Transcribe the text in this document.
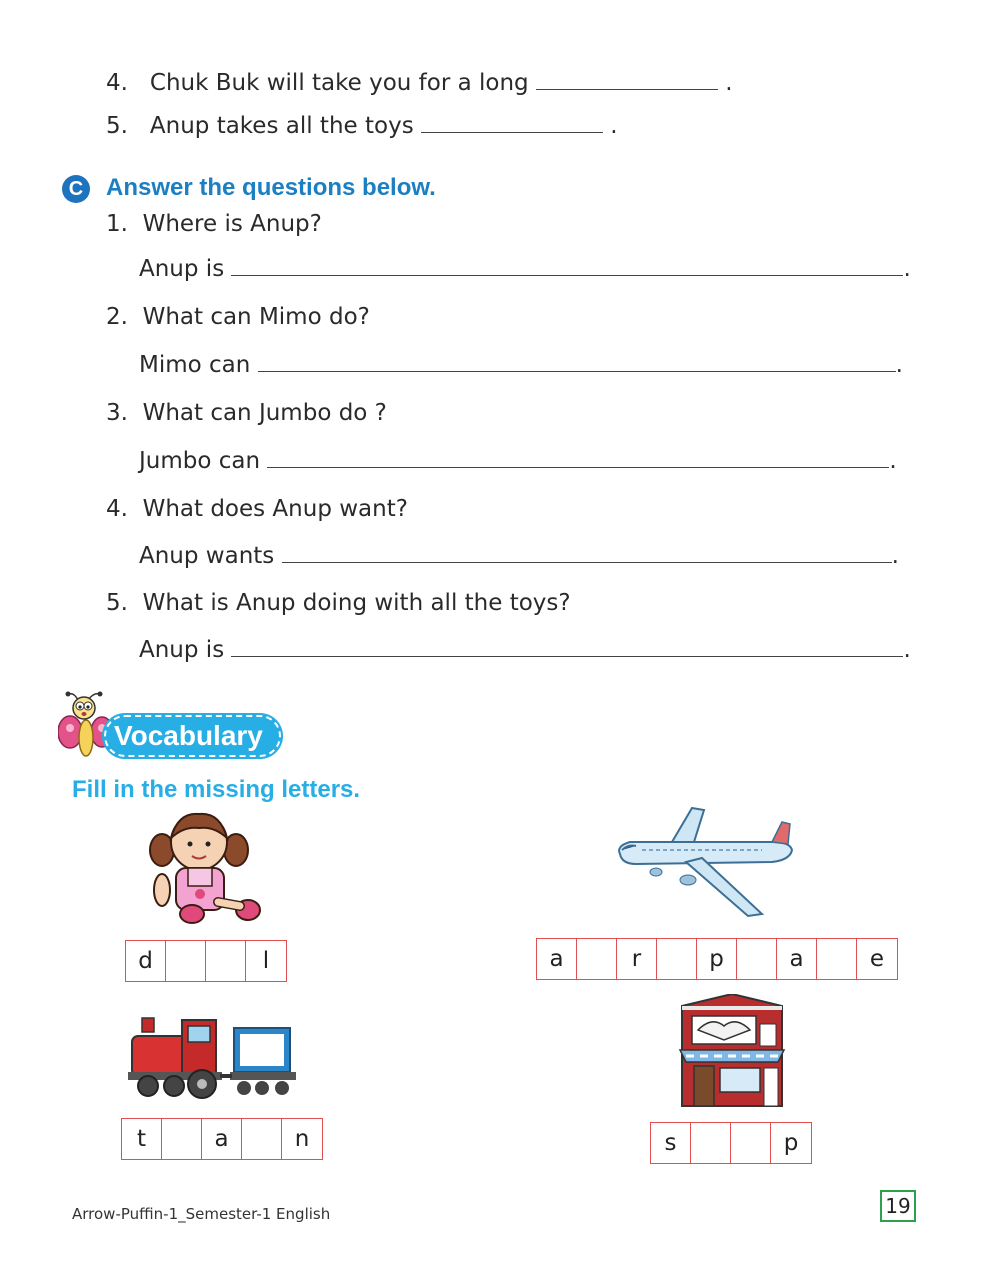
4. Chuk Buk will take you for a long	.
5. Anup takes all the toys	.
C Answer the questions below.
1. Where is Anup?
Anup is	.
2. What can Mimo do?
Mimo can	.
3. What can Jumbo do ?
Jumbo can	.
4. What does Anup want?
Anup wants	.
5. What is Anup doing with all the toys?
Anup is	.
Vocabulary
Fill in the missing letters.
d	l	a	r	p	a	e
t	a	n	s	p
Arrow-Puffin-1_Semester-1 English	19
